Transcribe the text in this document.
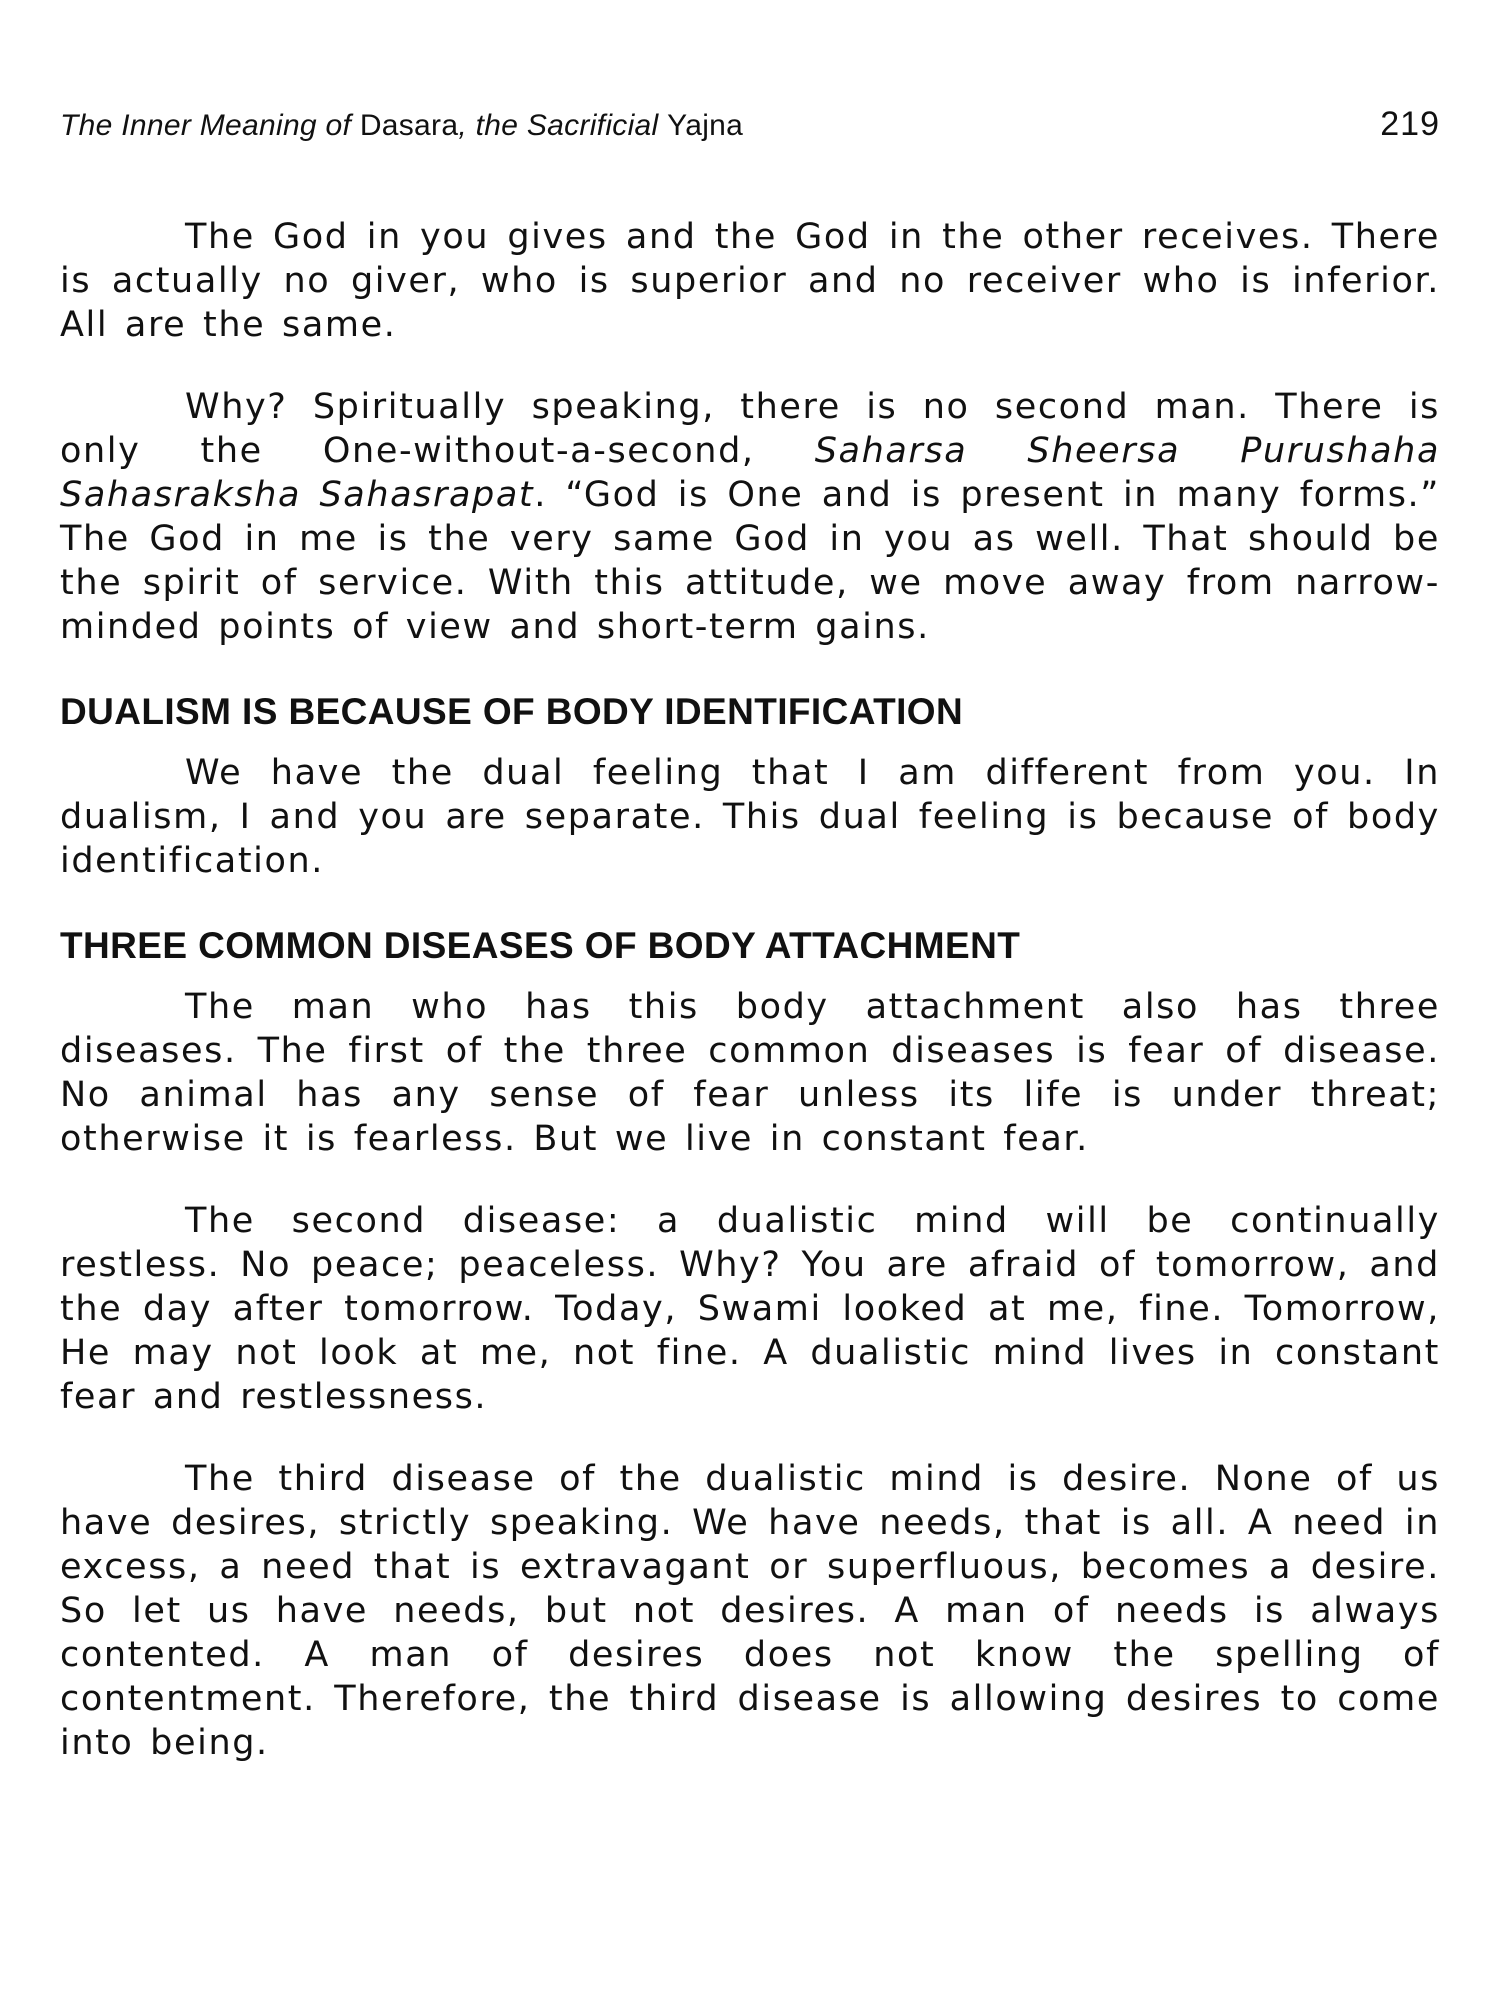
The Inner Meaning of Dasara, the Sacrificial Yajna	219

The God in you gives and the God in the other receives. There is actually no giver, who is superior and no receiver who is inferior. All are the same.

Why? Spiritually speaking, there is no second man. There is only the One-without-a-second, Saharsa Sheersa Purushaha Sahasraksha Sahasrapat. “God is One and is present in many forms.” The God in me is the very same God in you as well. That should be the spirit of service. With this attitude, we move away from narrow-minded points of view and short-term gains.

DUALISM IS BECAUSE OF BODY IDENTIFICATION

We have the dual feeling that I am different from you. In dualism, I and you are separate. This dual feeling is because of body identification.

THREE COMMON DISEASES OF BODY ATTACHMENT

The man who has this body attachment also has three diseases. The first of the three common diseases is fear of disease. No animal has any sense of fear unless its life is under threat; otherwise it is fearless. But we live in constant fear.

The second disease: a dualistic mind will be continually restless. No peace; peaceless. Why? You are afraid of tomorrow, and the day after tomorrow. Today, Swami looked at me, fine. Tomorrow, He may not look at me, not fine. A dualistic mind lives in constant fear and restlessness.

The third disease of the dualistic mind is desire. None of us have desires, strictly speaking. We have needs, that is all. A need in excess, a need that is extravagant or superfluous, becomes a desire. So let us have needs, but not desires. A man of needs is always contented. A man of desires does not know the spelling of contentment. Therefore, the third disease is allowing desires to come into being.
